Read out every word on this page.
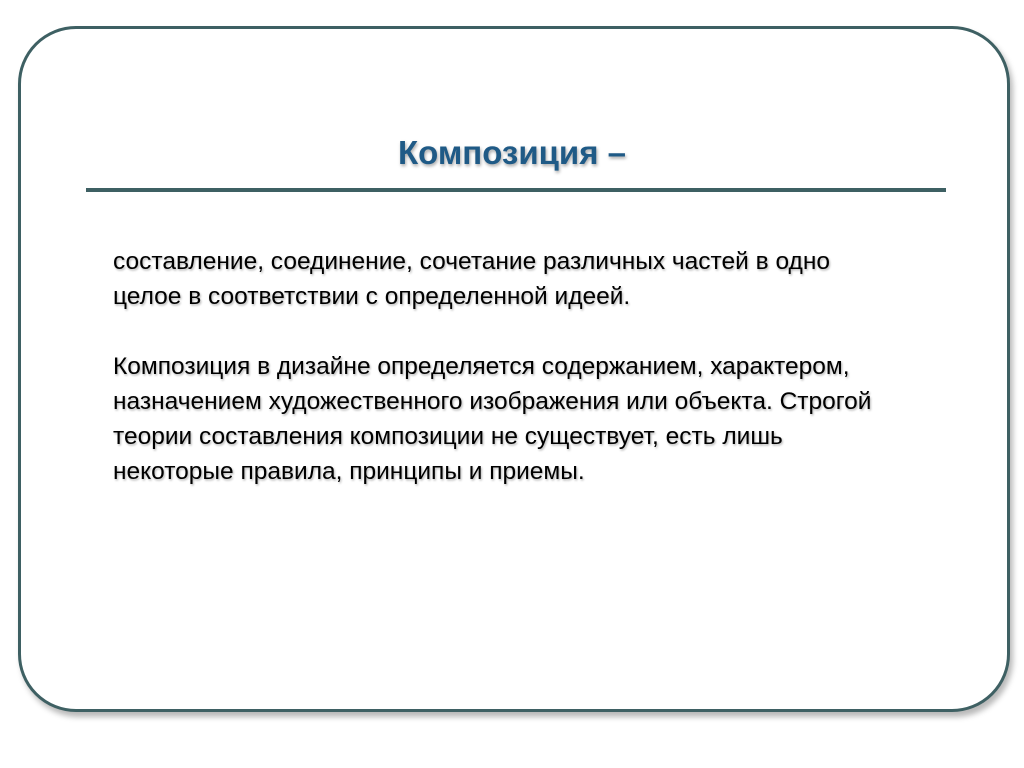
Композиция –

составление, соединение, сочетание различных частей в одно целое в соответствии с определенной идеей.

Композиция в дизайне определяется содержанием, характером, назначением художественного изображения или объекта. Строгой теории составления композиции не существует, есть лишь некоторые правила, принципы и приемы.
